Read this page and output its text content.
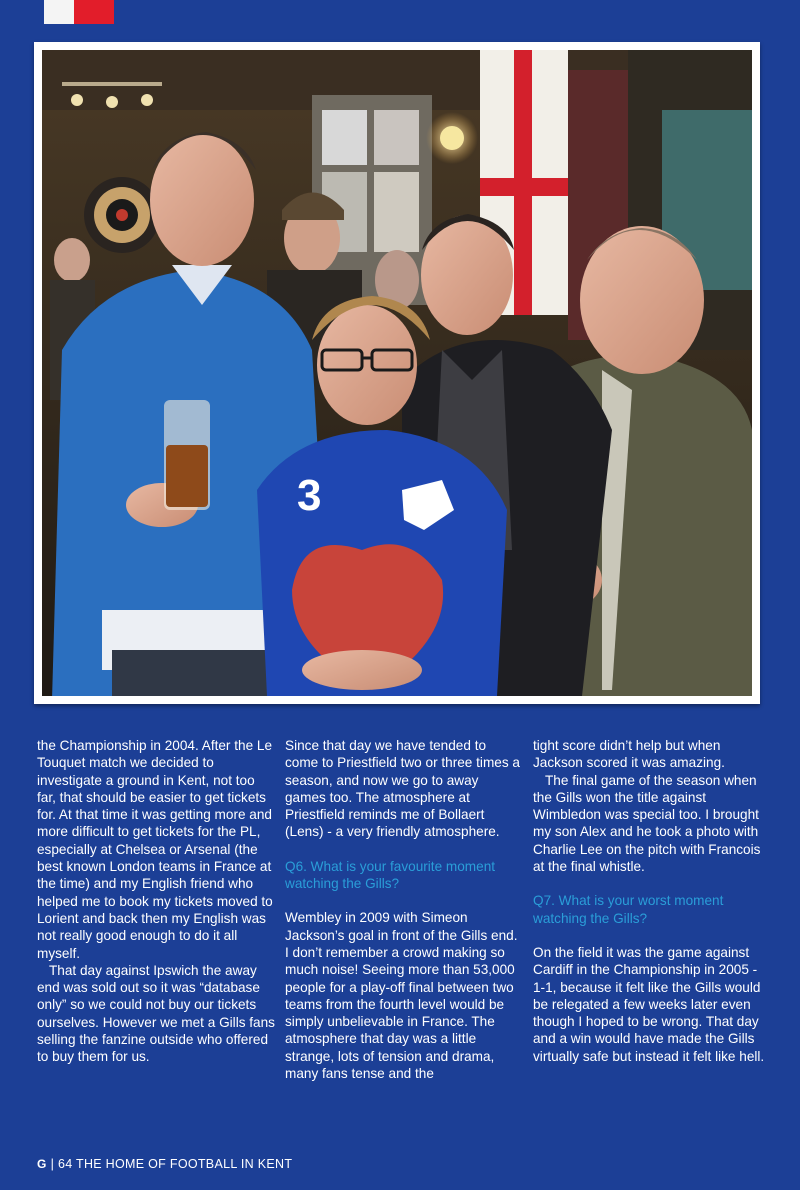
3

the Championship in 2004. After the Le Touquet match we decided to investigate a ground in Kent, not too far, that should be easier to get tickets for. At that time it was getting more and more difficult to get tickets for the PL, especially at Chelsea or Arsenal (the best known London teams in France at the time) and my English friend who helped me to book my tickets moved to Lorient and back then my English was not really good enough to do it all myself.

That day against Ipswich the away end was sold out so it was “database only” so we could not buy our tickets ourselves. However we met a Gills fans selling the fanzine outside who offered to buy them for us.

Since that day we have tended to come to Priestfield two or three times a season, and now we go to away games too. The atmosphere at Priestfield reminds me of Bollaert (Lens) - a very friendly atmosphere.

Q6. What is your favourite moment watching the Gills?

Wembley in 2009 with Simeon Jackson’s goal in front of the Gills end. I don’t remember a crowd making so much noise! Seeing more than 53,000 people for a play-off final between two teams from the fourth level would be simply unbelievable in France. The atmosphere that day was a little strange, lots of tension and drama, many fans tense and the

tight score didn’t help but when Jackson scored it was amazing.

The final game of the season when the Gills won the title against Wimbledon was special too. I brought my son Alex and he took a photo with Charlie Lee on the pitch with Francois at the final whistle.

Q7. What is your worst moment watching the Gills?

On the field it was the game against Cardiff in the Championship in 2005 - 1-1, because it felt like the Gills would be relegated a few weeks later even though I hoped to be wrong. That day and a win would have made the Gills virtually safe but instead it felt like hell.

G | 64 THE HOME OF FOOTBALL IN KENT
